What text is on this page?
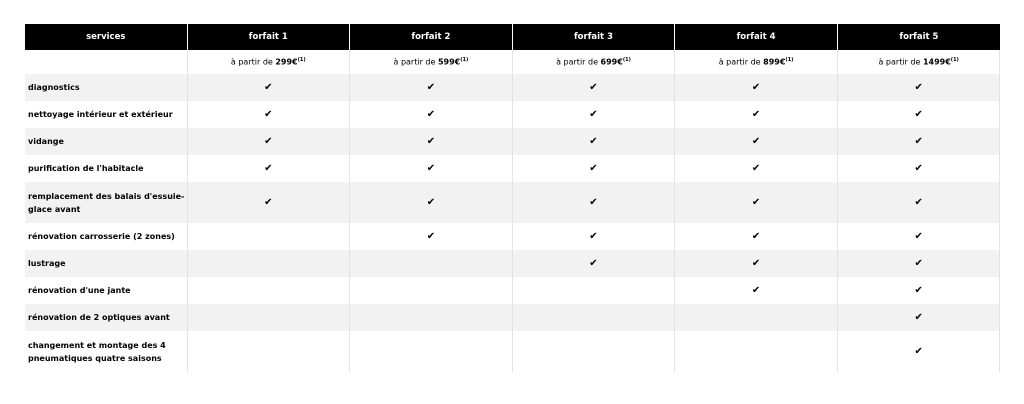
services	forfait 1	forfait 2	forfait 3	forfait 4	forfait 5
	à partir de 299€$^{(1)}$	à partir de 599€$^{(1)}$	à partir de 699€$^{(1)}$	à partir de 899€$^{(1)}$	à partir de 1499€$^{(1)}$
diagnostics	✔	✔	✔	✔	✔
nettoyage intérieur et extérieur	✔	✔	✔	✔	✔
vidange	✔	✔	✔	✔	✔
purification de l'habitacle	✔	✔	✔	✔	✔
remplacement des balais d'essuie-glace avant	✔	✔	✔	✔	✔
rénovation carrosserie (2 zones)		✔	✔	✔	✔
lustrage			✔	✔	✔
rénovation d'une jante				✔	✔
rénovation de 2 optiques avant					✔
changement et montage des 4 pneumatiques quatre saisons					✔
